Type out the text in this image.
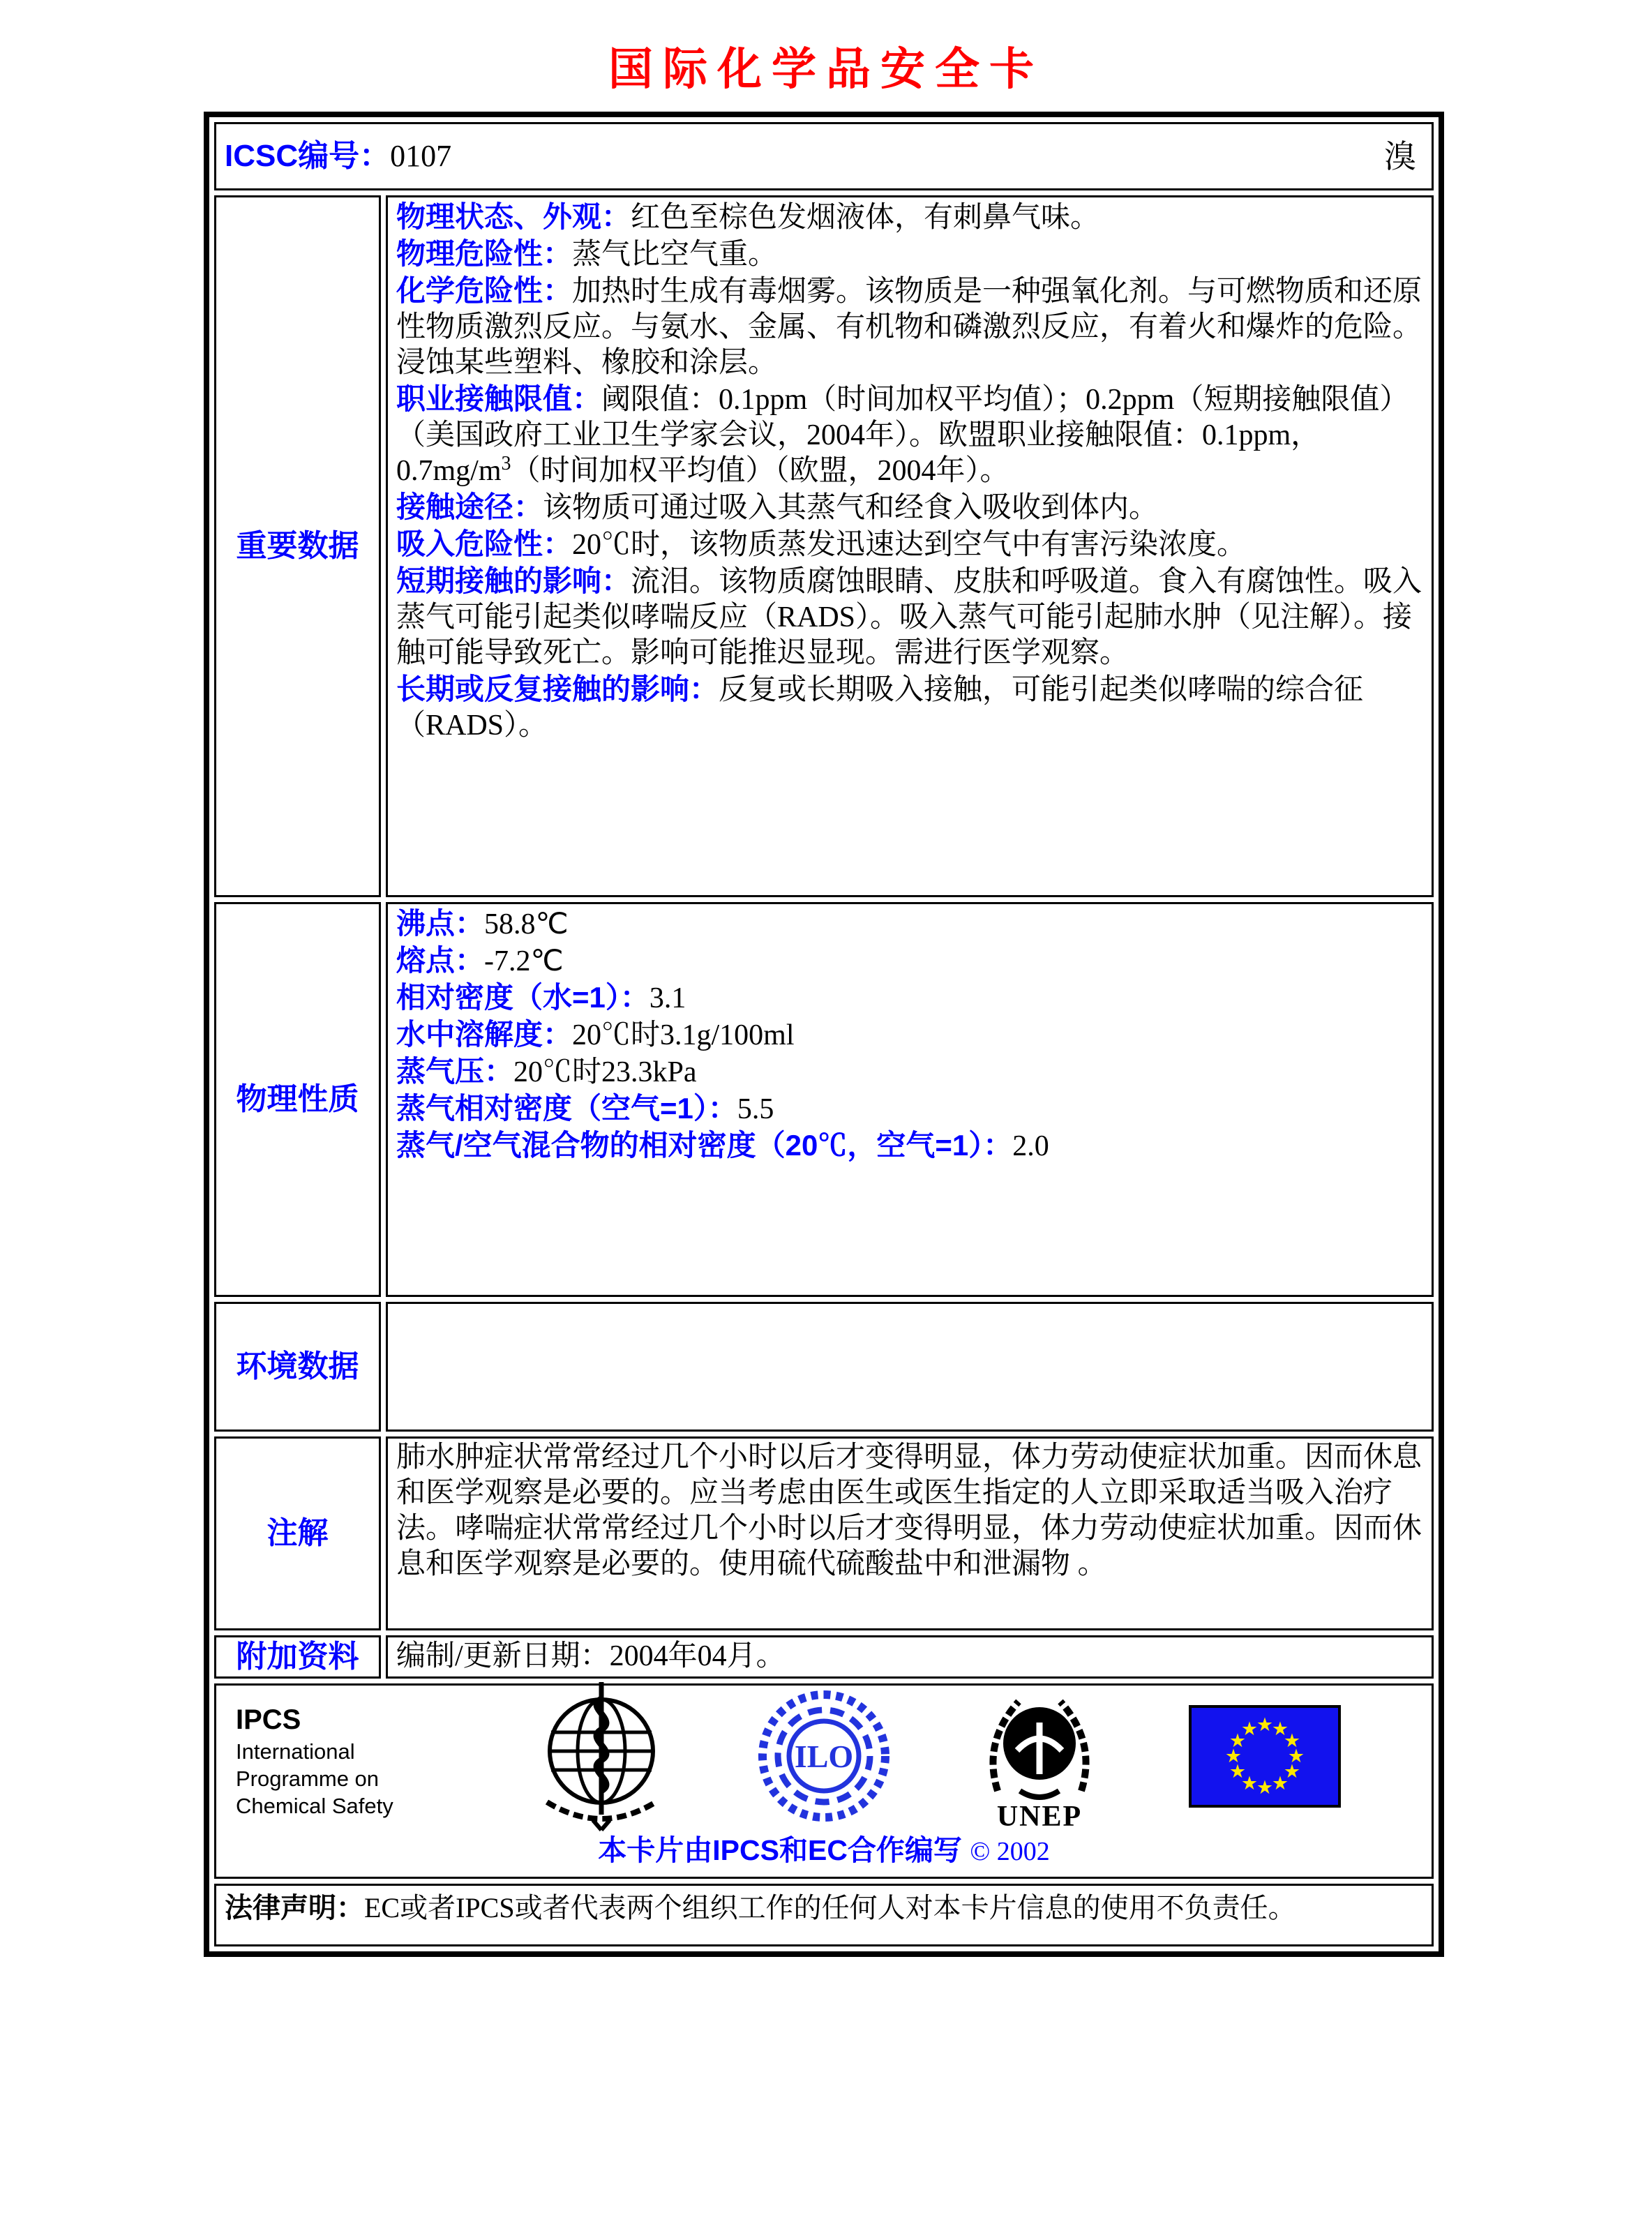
国际化学品安全卡
ICSC编号：0107 溴	

重要数据	
物理状态、外观：红色至棕色发烟液体，有刺鼻气味。
物理危险性：蒸气比空气重。
化学危险性：加热时生成有毒烟雾。该物质是一种强氧化剂。与可燃物质和还原性物质激烈反应。与氨水、金属、有机物和磷激烈反应，有着火和爆炸的危险。浸蚀某些塑料、橡胶和涂层。
职业接触限值：阈限值：0.1ppm（时间加权平均值）；0.2ppm（短期接触限值）（美国政府工业卫生学家会议，2004年）。欧盟职业接触限值：0.1ppm，$0.7mg/m^3$（时间加权平均值）（欧盟，2004年）。
接触途径：该物质可通过吸入其蒸气和经食入吸收到体内。
吸入危险性：20℃时，该物质蒸发迅速达到空气中有害污染浓度。
短期接触的影响：流泪。该物质腐蚀眼睛、皮肤和呼吸道。食入有腐蚀性。吸入蒸气可能引起类似哮喘反应（RADS）。吸入蒸气可能引起肺水肿（见注解）。接触可能导致死亡。影响可能推迟显现。需进行医学观察。
长期或反复接触的影响：反复或长期吸入接触，可能引起类似哮喘的综合征（RADS）。

物理性质	
沸点：58.8℃
熔点：-7.2℃
相对密度（水=1）：3.1
水中溶解度：20℃时3.1g/100ml
蒸气压：20℃时23.3kPa
蒸气相对密度（空气=1）：5.5
蒸气/空气混合物的相对密度（20℃，空气=1）：2.0

环境数据	
注解	肺水肿症状常常经过几个小时以后才变得明显，体力劳动使症状加重。因而休息和医学观察是必要的。应当考虑由医生或医生指定的人立即采取适当吸入治疗法。哮喘症状常常经过几个小时以后才变得明显，体力劳动使症状加重。因而休息和医学观察是必要的。使用硫代硫酸盐中和泄漏物 。
附加资料	编制/更新日期：2004年04月。

IPCS
International
Programme on
Chemical Safety
ILO
UNEP
★
★
★
★
★
★
★
★
★
★
★
★
本卡片由IPCS和EC合作编写 © 2002

法律声明：EC或者IPCS或者代表两个组织工作的任何人对本卡片信息的使用不负责任。	
